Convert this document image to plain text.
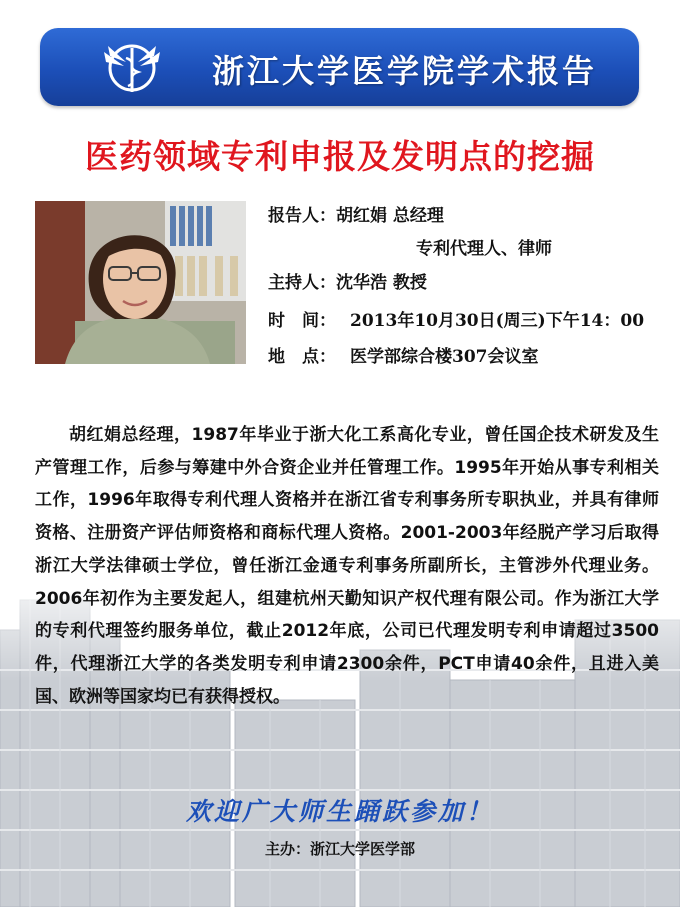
浙江大学医学院学术报告
医药领域专利申报及发明点的挖掘
报告人：胡红娟 总经理
专利代理人、律师
主持人：沈华浩 教授
时　间： 2013年10月30日(周三)下午14：00
地　点： 医学部综合楼307会议室
胡红娟总经理，1987年毕业于浙大化工系高化专业，曾任国企技术研发及生产管理工作，后参与筹建中外合资企业并任管理工作。1995年开始从事专利相关工作，1996年取得专利代理人资格并在浙江省专利事务所专职执业，并具有律师资格、注册资产评估师资格和商标代理人资格。2001-2003年经脱产学习后取得浙江大学法律硕士学位，曾任浙江金通专利事务所副所长，主管涉外代理业务。2006年初作为主要发起人，组建杭州天勤知识产权代理有限公司。作为浙江大学的专利代理签约服务单位，截止2012年底，公司已代理发明专利申请超过3500件，代理浙江大学的各类发明专利申请2300余件，PCT申请40余件，且进入美国、欧洲等国家均已有获得授权。
欢迎广大师生踊跃参加！
主办：浙江大学医学部
